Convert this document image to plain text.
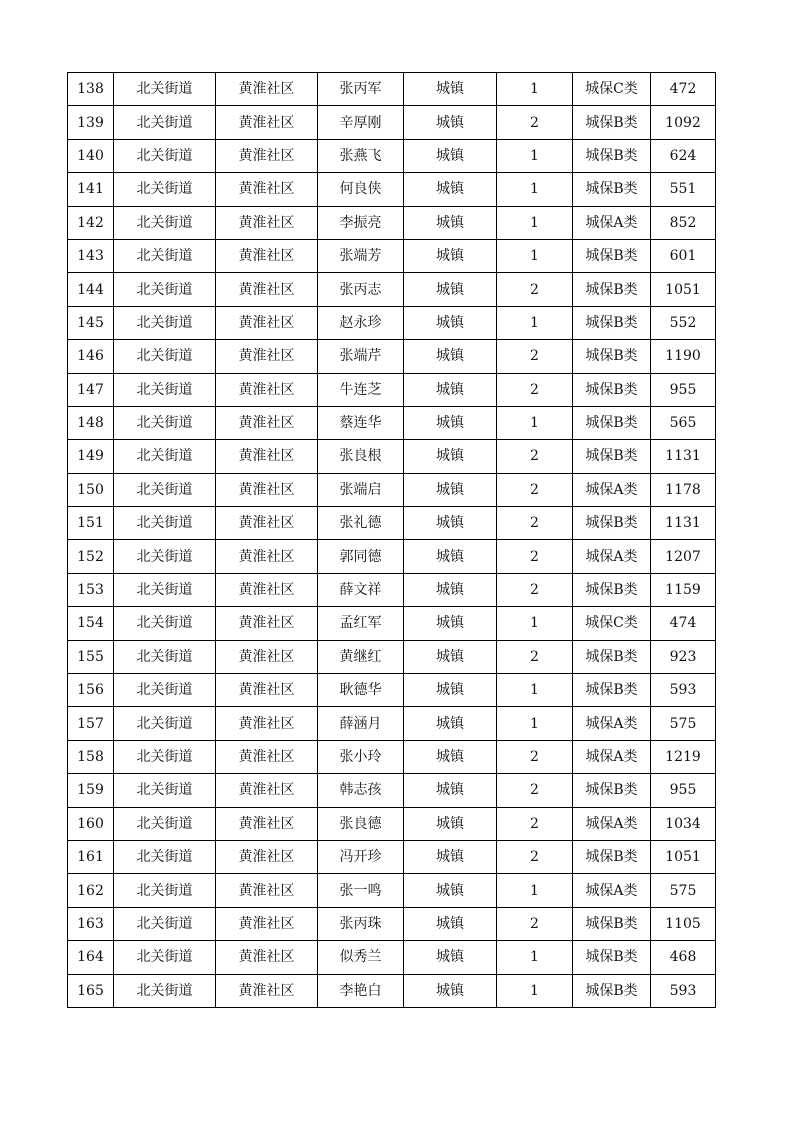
138	北关街道	黄淮社区	张丙军	城镇	1	城保C类	472
139	北关街道	黄淮社区	辛厚刚	城镇	2	城保B类	1092
140	北关街道	黄淮社区	张燕飞	城镇	1	城保B类	624
141	北关街道	黄淮社区	何良侠	城镇	1	城保B类	551
142	北关街道	黄淮社区	李振亮	城镇	1	城保A类	852
143	北关街道	黄淮社区	张端芳	城镇	1	城保B类	601
144	北关街道	黄淮社区	张丙志	城镇	2	城保B类	1051
145	北关街道	黄淮社区	赵永珍	城镇	1	城保B类	552
146	北关街道	黄淮社区	张端芹	城镇	2	城保B类	1190
147	北关街道	黄淮社区	牛连芝	城镇	2	城保B类	955
148	北关街道	黄淮社区	蔡连华	城镇	1	城保B类	565
149	北关街道	黄淮社区	张良根	城镇	2	城保B类	1131
150	北关街道	黄淮社区	张端启	城镇	2	城保A类	1178
151	北关街道	黄淮社区	张礼德	城镇	2	城保B类	1131
152	北关街道	黄淮社区	郭同德	城镇	2	城保A类	1207
153	北关街道	黄淮社区	薛文祥	城镇	2	城保B类	1159
154	北关街道	黄淮社区	孟红军	城镇	1	城保C类	474
155	北关街道	黄淮社区	黄继红	城镇	2	城保B类	923
156	北关街道	黄淮社区	耿德华	城镇	1	城保B类	593
157	北关街道	黄淮社区	薛涵月	城镇	1	城保A类	575
158	北关街道	黄淮社区	张小玲	城镇	2	城保A类	1219
159	北关街道	黄淮社区	韩志孩	城镇	2	城保B类	955
160	北关街道	黄淮社区	张良德	城镇	2	城保A类	1034
161	北关街道	黄淮社区	冯开珍	城镇	2	城保B类	1051
162	北关街道	黄淮社区	张一鸣	城镇	1	城保A类	575
163	北关街道	黄淮社区	张丙珠	城镇	2	城保B类	1105
164	北关街道	黄淮社区	似秀兰	城镇	1	城保B类	468
165	北关街道	黄淮社区	李艳白	城镇	1	城保B类	593
